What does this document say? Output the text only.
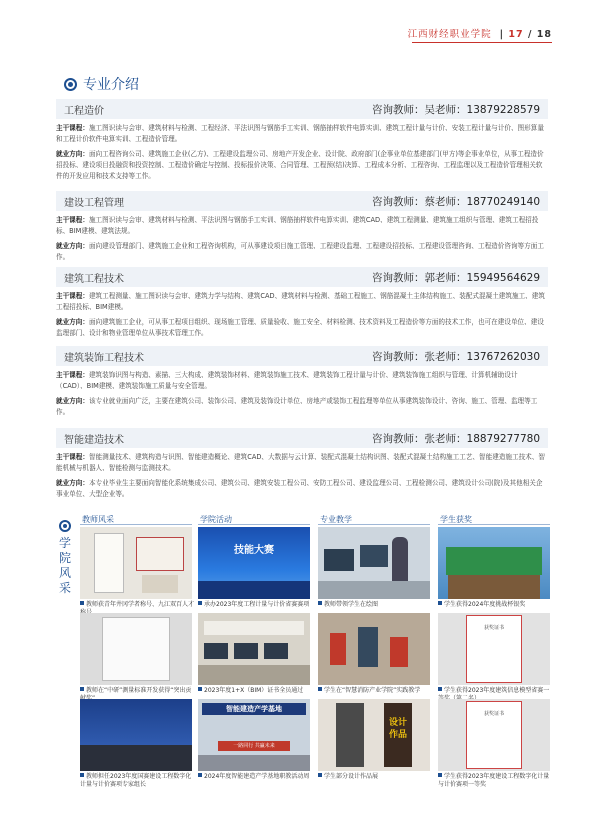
江西财经职业学院 | 17 / 18
专业介绍
工程造价	咨询教师：吴老师：13879228579
主干课程：施工图识读与会审、建筑材料与检测、工程经济、平法识图与钢筋手工实训、钢筋抽样软件电算实训、建筑工程计量与计价、安装工程计量与计价、图形算量和工程计价软件电算实训、工程造价管理。
就业方向：面向工程咨询公司、建筑施工企业(乙方)、工程建设监理公司、房地产开发企业、设计院、政府部门(企事业单位基建部门(甲方)等企事业单位，从事工程造价招投标、建设项目投融资和投资控制、工程造价确定与控制、投标报价决策、合同管理、工程预(结)决算、工程成本分析、工程咨询、工程监理以及工程造价管理相关软件的开发应用和技术支持等工作。
建设工程管理	咨询教师：蔡老师：18770249140
主干课程：施工图识读与会审、建筑材料与检测、平法识图与钢筋手工实训、钢筋抽样软件电算实训、建筑CAD、建筑工程测量、建筑施工组织与管理、建筑工程招投标、BIM建模、建筑法规。
就业方向：面向建设管理部门、建筑施工企业和工程咨询机构，可从事建设项目施工管理、工程建设监理、工程建设招投标、工程建设管理咨询、工程造价咨询等方面工作。
建筑工程技术	咨询教师：郭老师：15949564629
主干课程：建筑工程测量、施工图识读与会审、建筑力学与结构、建筑CAD、建筑材料与检测、基础工程施工、钢筋混凝土主体结构施工、装配式混凝土建筑施工、建筑工程招投标、BIM建模。
就业方向：面向建筑施工企业，可从事工程项目组织、现场施工管理、质量验收、施工安全、材料检测、技术资料及工程造价等方面的技术工作，也可在建设单位、建设监理部门、设计和物业管理单位从事技术管理工作。
建筑装饰工程技术	咨询教师：张老师：13767262030
主干课程：建筑装饰识图与构造、素描、三大构成、建筑装饰材料、建筑装饰施工技术、建筑装饰工程计量与计价、建筑装饰施工组织与管理、计算机辅助设计（CAD）、BIM建模、建筑装饰施工质量与安全管理。
就业方向：该专业就业面向广泛，主要在建筑公司、装饰公司、建筑及装饰设计单位、房地产或装饰工程监理等单位从事建筑装饰设计、咨询、施工、管理、监理等工作。
智能建造技术	咨询教师：张老师：18879277780
主干课程：智能测量技术、建筑构造与识图、智能建造概论、建筑CAD、大数据与云计算、装配式混凝土结构识图、装配式混凝土结构施工工艺、智能建造施工技术、智能机械与机器人、智能检测与监测技术。
就业方向：本专业毕业生主要面向智能化系统集成公司、建筑公司、建筑安装工程公司、安防工程公司、建设监理公司、工程检测公司、建筑设计公司(院)及其他相关企事业单位、大型企业等。
学院风采
教师风采	学院活动	专业教学	学生获奖
技能大赛
教师获青年井冈学者称号、九江双百人才	承办2023年度工程计量与计价省赛赛项	教师带领学生在绘图	学生获得2024年度挑战杯银奖
获奖证书
教师在“中研”测量标准开发获得“突出贡	2023年度1+X（BIM）证书全员通过	学生在“智慧消防产业学院”实践教学	学生获得2023年度建筑信息模型省赛一
智能建造产学基地
一路同行 共赢未来
设计
作品
获奖证书
教师担任2023年度国赛建设工程数字化计量与计价赛项专家组长
2024年度智能建造产学基地职教活动周	学生部分设计作品展	学生获得2023年度建设工程数字化计量与计价赛项一等奖
